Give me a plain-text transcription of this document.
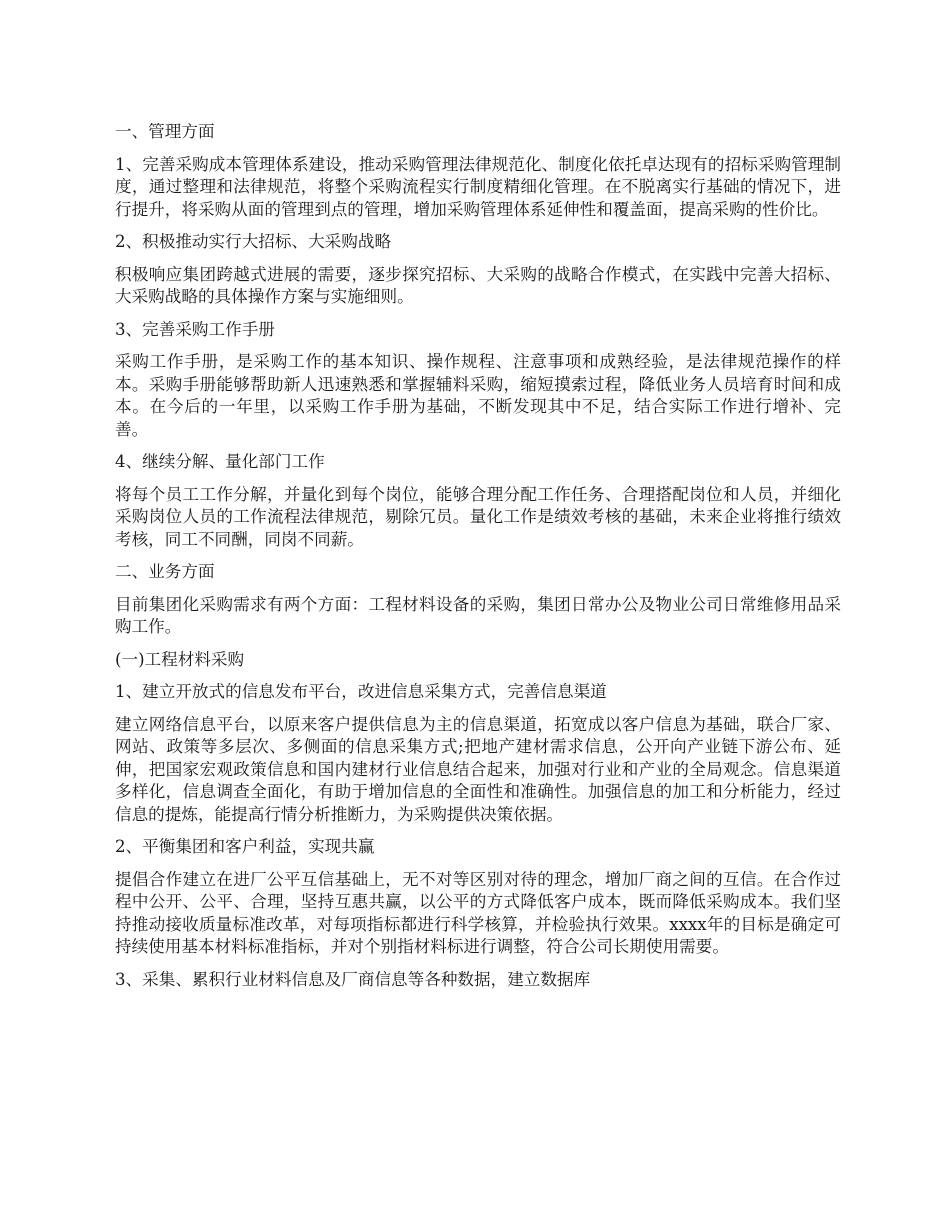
一、管理方面

1、完善采购成本管理体系建设，推动采购管理法律规范化、制度化依托卓达现有的招标采购管理制度，通过整理和法律规范，将整个采购流程实行制度精细化管理。在不脱离实行基础的情况下，进行提升，将采购从面的管理到点的管理，增加采购管理体系延伸性和覆盖面，提高采购的性价比。

2、积极推动实行大招标、大采购战略

积极响应集团跨越式进展的需要，逐步探究招标、大采购的战略合作模式，在实践中完善大招标、大采购战略的具体操作方案与实施细则。

3、完善采购工作手册

采购工作手册，是采购工作的基本知识、操作规程、注意事项和成熟经验，是法律规范操作的样本。采购手册能够帮助新人迅速熟悉和掌握辅料采购，缩短摸索过程，降低业务人员培育时间和成本。在今后的一年里，以采购工作手册为基础，不断发现其中不足，结合实际工作进行增补、完善。

4、继续分解、量化部门工作

将每个员工工作分解，并量化到每个岗位，能够合理分配工作任务、合理搭配岗位和人员，并细化采购岗位人员的工作流程法律规范，剔除冗员。量化工作是绩效考核的基础，未来企业将推行绩效考核，同工不同酬，同岗不同薪。

二、业务方面

目前集团化采购需求有两个方面：工程材料设备的采购，集团日常办公及物业公司日常维修用品采购工作。

(一)工程材料采购

1、建立开放式的信息发布平台，改进信息采集方式，完善信息渠道

建立网络信息平台，以原来客户提供信息为主的信息渠道，拓宽成以客户信息为基础，联合厂家、网站、政策等多层次、多侧面的信息采集方式;把地产建材需求信息，公开向产业链下游公布、延伸，把国家宏观政策信息和国内建材行业信息结合起来，加强对行业和产业的全局观念。信息渠道多样化，信息调查全面化，有助于增加信息的全面性和准确性。加强信息的加工和分析能力，经过信息的提炼，能提高行情分析推断力，为采购提供决策依据。

2、平衡集团和客户利益，实现共赢

提倡合作建立在进厂公平互信基础上，无不对等区别对待的理念，增加厂商之间的互信。在合作过程中公开、公平、合理，坚持互惠共赢，以公平的方式降低客户成本，既而降低采购成本。我们坚持推动接收质量标准改革，对每项指标都进行科学核算，并检验执行效果。xxxx年的目标是确定可持续使用基本材料标准指标，并对个别指材料标进行调整，符合公司长期使用需要。

3、采集、累积行业材料信息及厂商信息等各种数据，建立数据库
